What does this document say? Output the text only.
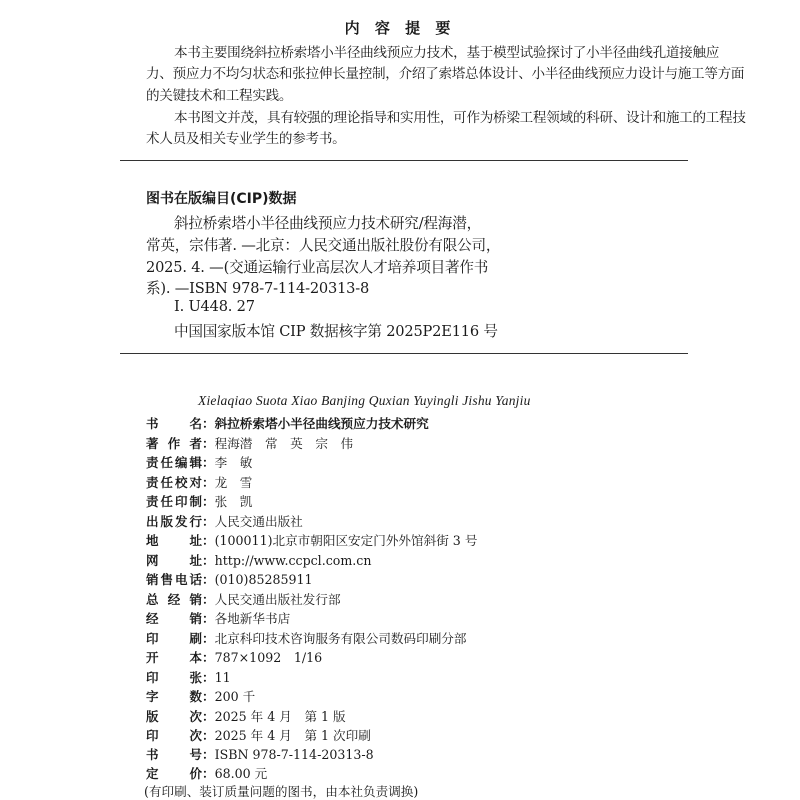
内 容 提 要
本书主要围绕斜拉桥索塔小半径曲线预应力技术，基于模型试验探讨了小半径曲线孔道接触应
力、预应力不均匀状态和张拉伸长量控制，介绍了索塔总体设计、小半径曲线预应力设计与施工等方面
的关键技术和工程实践。
本书图文并茂，具有较强的理论指导和实用性，可作为桥梁工程领域的科研、设计和施工的工程技
术人员及相关专业学生的参考书。
图书在版编目(CIP)数据
斜拉桥索塔小半径曲线预应力技术研究/程海潜，
常英，宗伟著. —北京：人民交通出版社股份有限公司，
2025. 4. —(交通运输行业高层次人才培养项目著作书
系). —ISBN 978-7-114-20313-8
Ⅰ. U448. 27
中国国家版本馆 CIP 数据核字第 2025P2E116 号
Xielaqiao Suota Xiao Banjing Quxian Yuyingli Jishu Yanjiu
书名：斜拉桥索塔小半径曲线预应力技术研究
著作者：程海潜　常　英　宗　伟
责任编辑：李　敏
责任校对：龙　雪
责任印制：张　凯
出版发行：人民交通出版社
地址：(100011)北京市朝阳区安定门外外馆斜街 3 号
网址：http://www.ccpcl.com.cn
销售电话：(010)85285911
总经销：人民交通出版社发行部
经销：各地新华书店
印刷：北京科印技术咨询服务有限公司数码印刷分部
开本：787×1092　1/16
印张：11
字数：200 千
版次：2025 年 4 月　第 1 版
印次：2025 年 4 月　第 1 次印刷
书号：ISBN 978-7-114-20313-8
定价：68.00 元
(有印刷、装订质量问题的图书，由本社负责调换)
